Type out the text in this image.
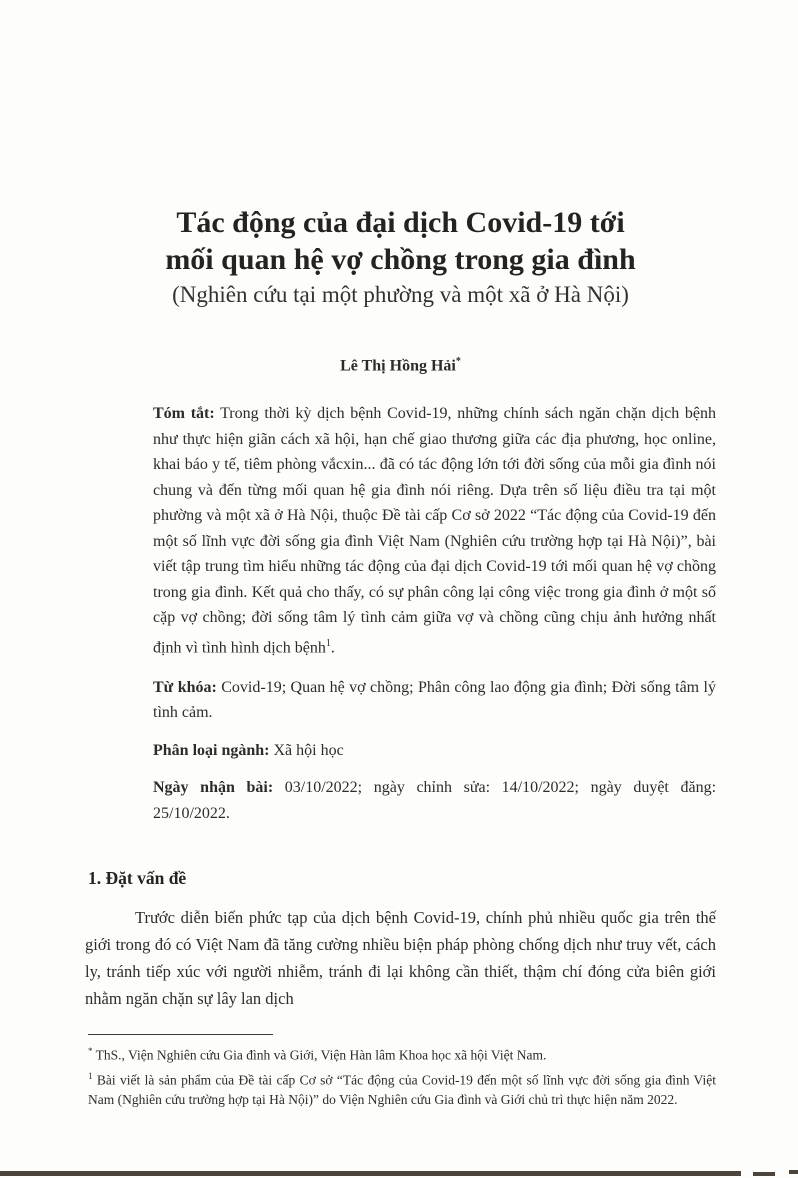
Tác động của đại dịch Covid-19 tới
mối quan hệ vợ chồng trong gia đình
(Nghiên cứu tại một phường và một xã ở Hà Nội)
Lê Thị Hồng Hải*

Tóm tắt: Trong thời kỳ dịch bệnh Covid-19, những chính sách ngăn chặn dịch bệnh như thực hiện giãn cách xã hội, hạn chế giao thương giữa các địa phương, học online, khai báo y tế, tiêm phòng vắcxin... đã có tác động lớn tới đời sống của mỗi gia đình nói chung và đến từng mối quan hệ gia đình nói riêng. Dựa trên số liệu điều tra tại một phường và một xã ở Hà Nội, thuộc Đề tài cấp Cơ sở 2022 “Tác động của Covid-19 đến một số lĩnh vực đời sống gia đình Việt Nam (Nghiên cứu trường hợp tại Hà Nội)”, bài viết tập trung tìm hiểu những tác động của đại dịch Covid-19 tới mối quan hệ vợ chồng trong gia đình. Kết quả cho thấy, có sự phân công lại công việc trong gia đình ở một số cặp vợ chồng; đời sống tâm lý tình cảm giữa vợ và chồng cũng chịu ảnh hưởng nhất định vì tình hình dịch bệnh$^1$.

Từ khóa: Covid-19; Quan hệ vợ chồng; Phân công lao động gia đình; Đời sống tâm lý tình cảm.

Phân loại ngành: Xã hội học

Ngày nhận bài: 03/10/2022; ngày chỉnh sửa: 14/10/2022; ngày duyệt đăng: 25/10/2022.

1. Đặt vấn đề

Trước diễn biến phức tạp của dịch bệnh Covid-19, chính phủ nhiều quốc gia trên thế giới trong đó có Việt Nam đã tăng cường nhiều biện pháp phòng chống dịch như truy vết, cách ly, tránh tiếp xúc với người nhiễm, tránh đi lại không cần thiết, thậm chí đóng cửa biên giới nhằm ngăn chặn sự lây lan dịch

* ThS., Viện Nghiên cứu Gia đình và Giới, Viện Hàn lâm Khoa học xã hội Việt Nam.

$^1$ Bài viết là sản phẩm của Đề tài cấp Cơ sở “Tác động của Covid-19 đến một số lĩnh vực đời sống gia đình Việt Nam (Nghiên cứu trường hợp tại Hà Nội)” do Viện Nghiên cứu Gia đình và Giới chủ trì thực hiện năm 2022.
